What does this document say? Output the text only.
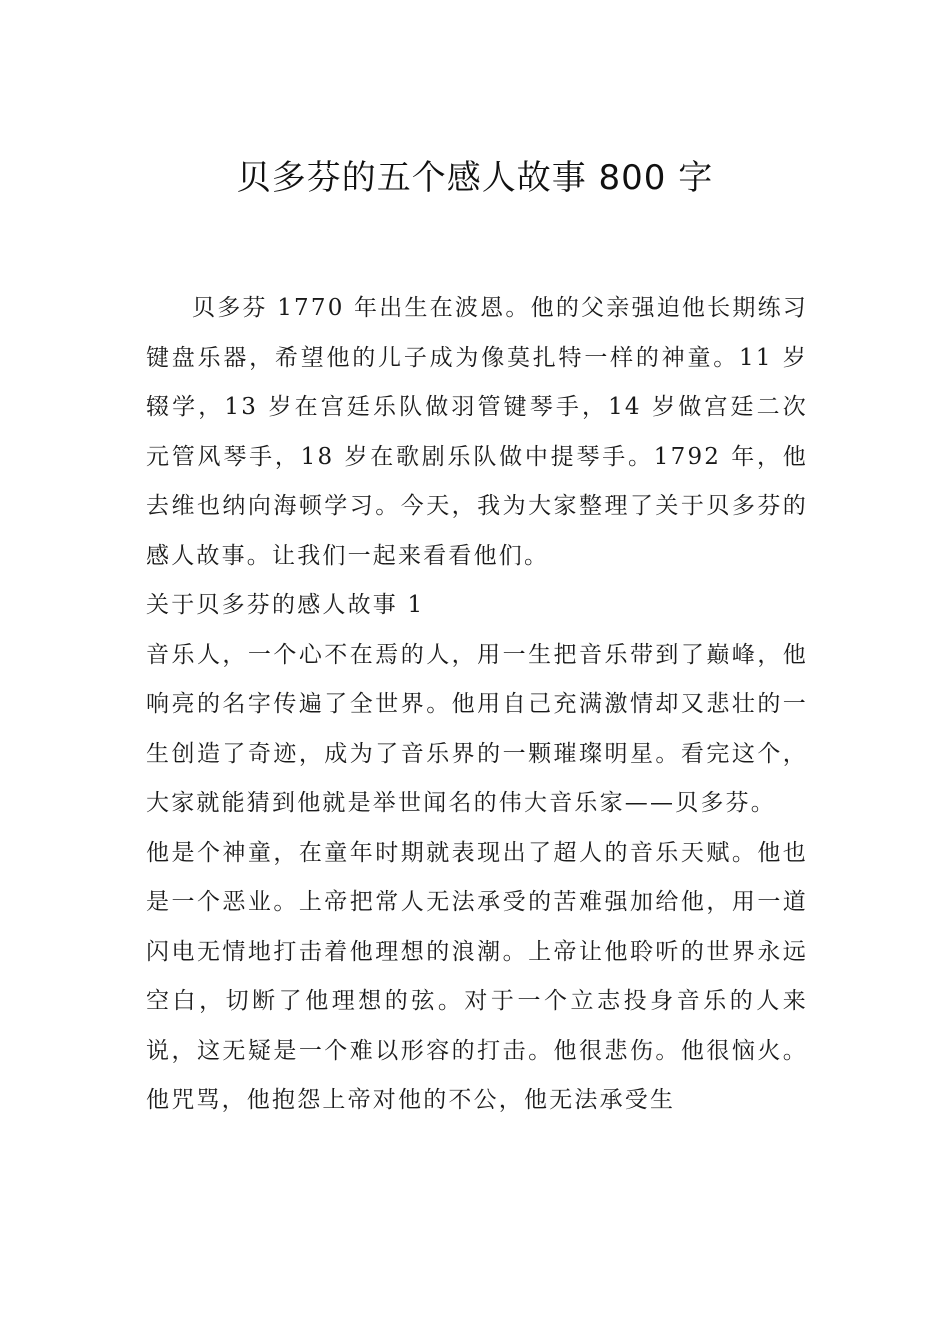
贝多芬的五个感人故事 800 字

贝多芬 1770 年出生在波恩。他的父亲强迫他长期练习键盘乐器，希望他的儿子成为像莫扎特一样的神童。11 岁辍学，13 岁在宫廷乐队做羽管键琴手，14 岁做宫廷二次元管风琴手，18 岁在歌剧乐队做中提琴手。1792 年，他去维也纳向海顿学习。今天，我为大家整理了关于贝多芬的感人故事。让我们一起来看看他们。

关于贝多芬的感人故事 1

音乐人，一个心不在焉的人，用一生把音乐带到了巅峰，他响亮的名字传遍了全世界。他用自己充满激情却又悲壮的一生创造了奇迹，成为了音乐界的一颗璀璨明星。看完这个，大家就能猜到他就是举世闻名的伟大音乐家——贝多芬。

他是个神童，在童年时期就表现出了超人的音乐天赋。他也是一个恶业。上帝把常人无法承受的苦难强加给他，用一道闪电无情地打击着他理想的浪潮。上帝让他聆听的世界永远空白，切断了他理想的弦。对于一个立志投身音乐的人来说，这无疑是一个难以形容的打击。他很悲伤。他很恼火。他咒骂，他抱怨上帝对他的不公，他无法承受生
